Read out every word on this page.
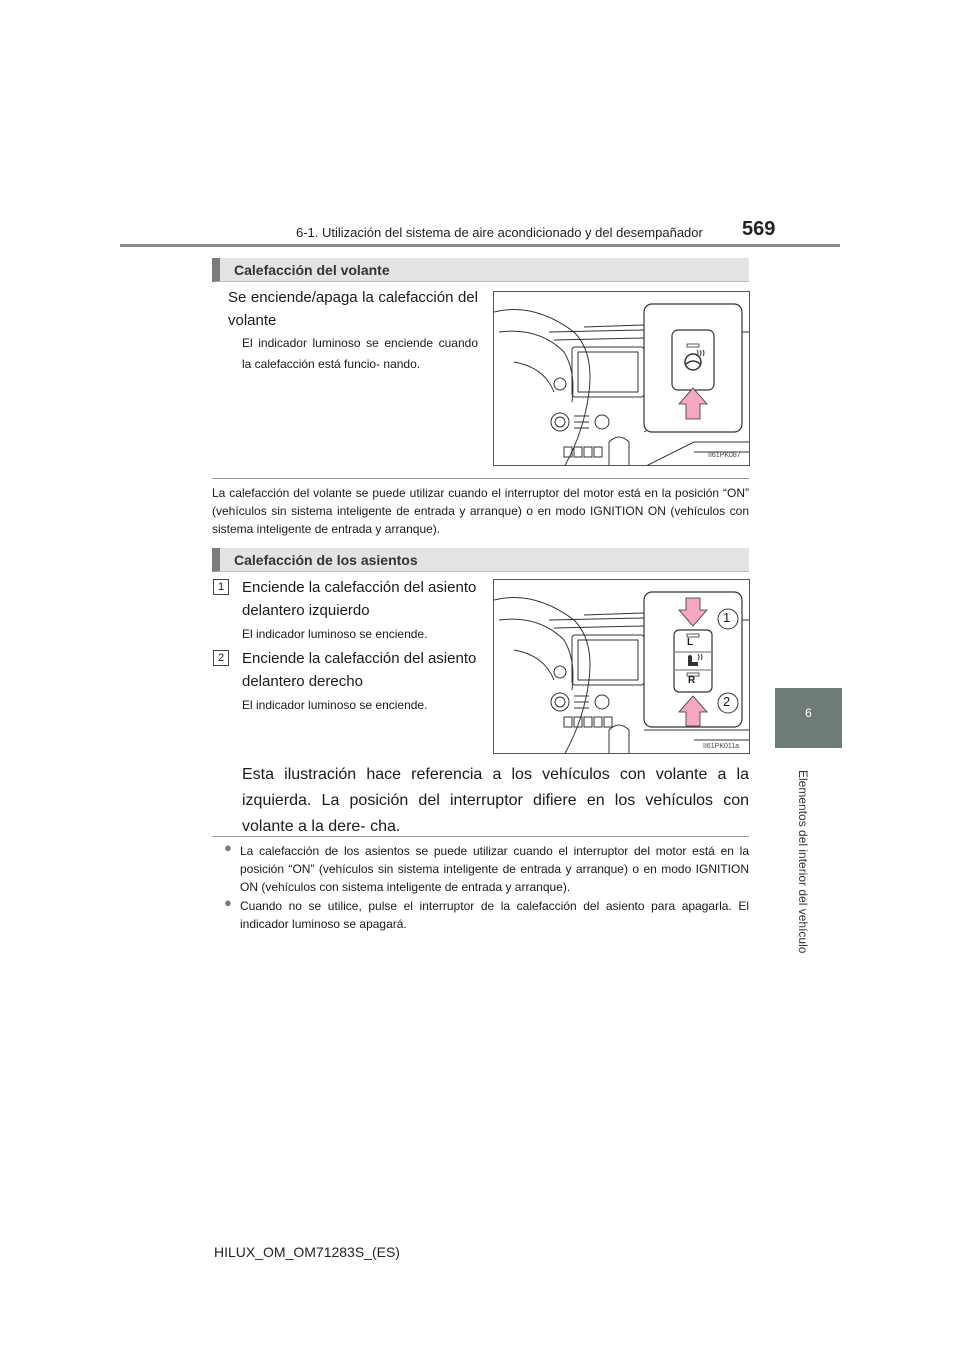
6-1. Utilización del sistema de aire acondicionado y del desempañador 569
6
Elementos del interior del vehículo
Calefacción del volante
Se enciende/apaga la calefacción del volante
El indicador luminoso se enciende cuando la calefacción está funcio- nando.
II61PK087
La calefacción del volante se puede utilizar cuando el interruptor del motor está en la posición “ON” (vehículos sin sistema inteligente de entrada y arranque) o en modo IGNITION ON (vehículos con sistema inteligente de entrada y arranque).
Calefacción de los asientos
1	Enciende la calefacción del asiento delantero izquierdo
El indicador luminoso se enciende.
2	Enciende la calefacción del asiento delantero derecho
El indicador luminoso se enciende.
L
R
1
2
II61PK011a
Esta ilustración hace referencia a los vehículos con volante a la izquierda. La posición del interruptor difiere en los vehículos con volante a la dere- cha.
● La calefacción de los asientos se puede utilizar cuando el interruptor del motor está en la posición “ON” (vehículos sin sistema inteligente de entrada y arranque) o en modo IGNITION ON (vehículos con sistema inteligente de entrada y arranque).
● Cuando no se utilice, pulse el interruptor de la calefacción del asiento para apagarla. El indicador luminoso se apagará.
HILUX_OM_OM71283S_(ES)
